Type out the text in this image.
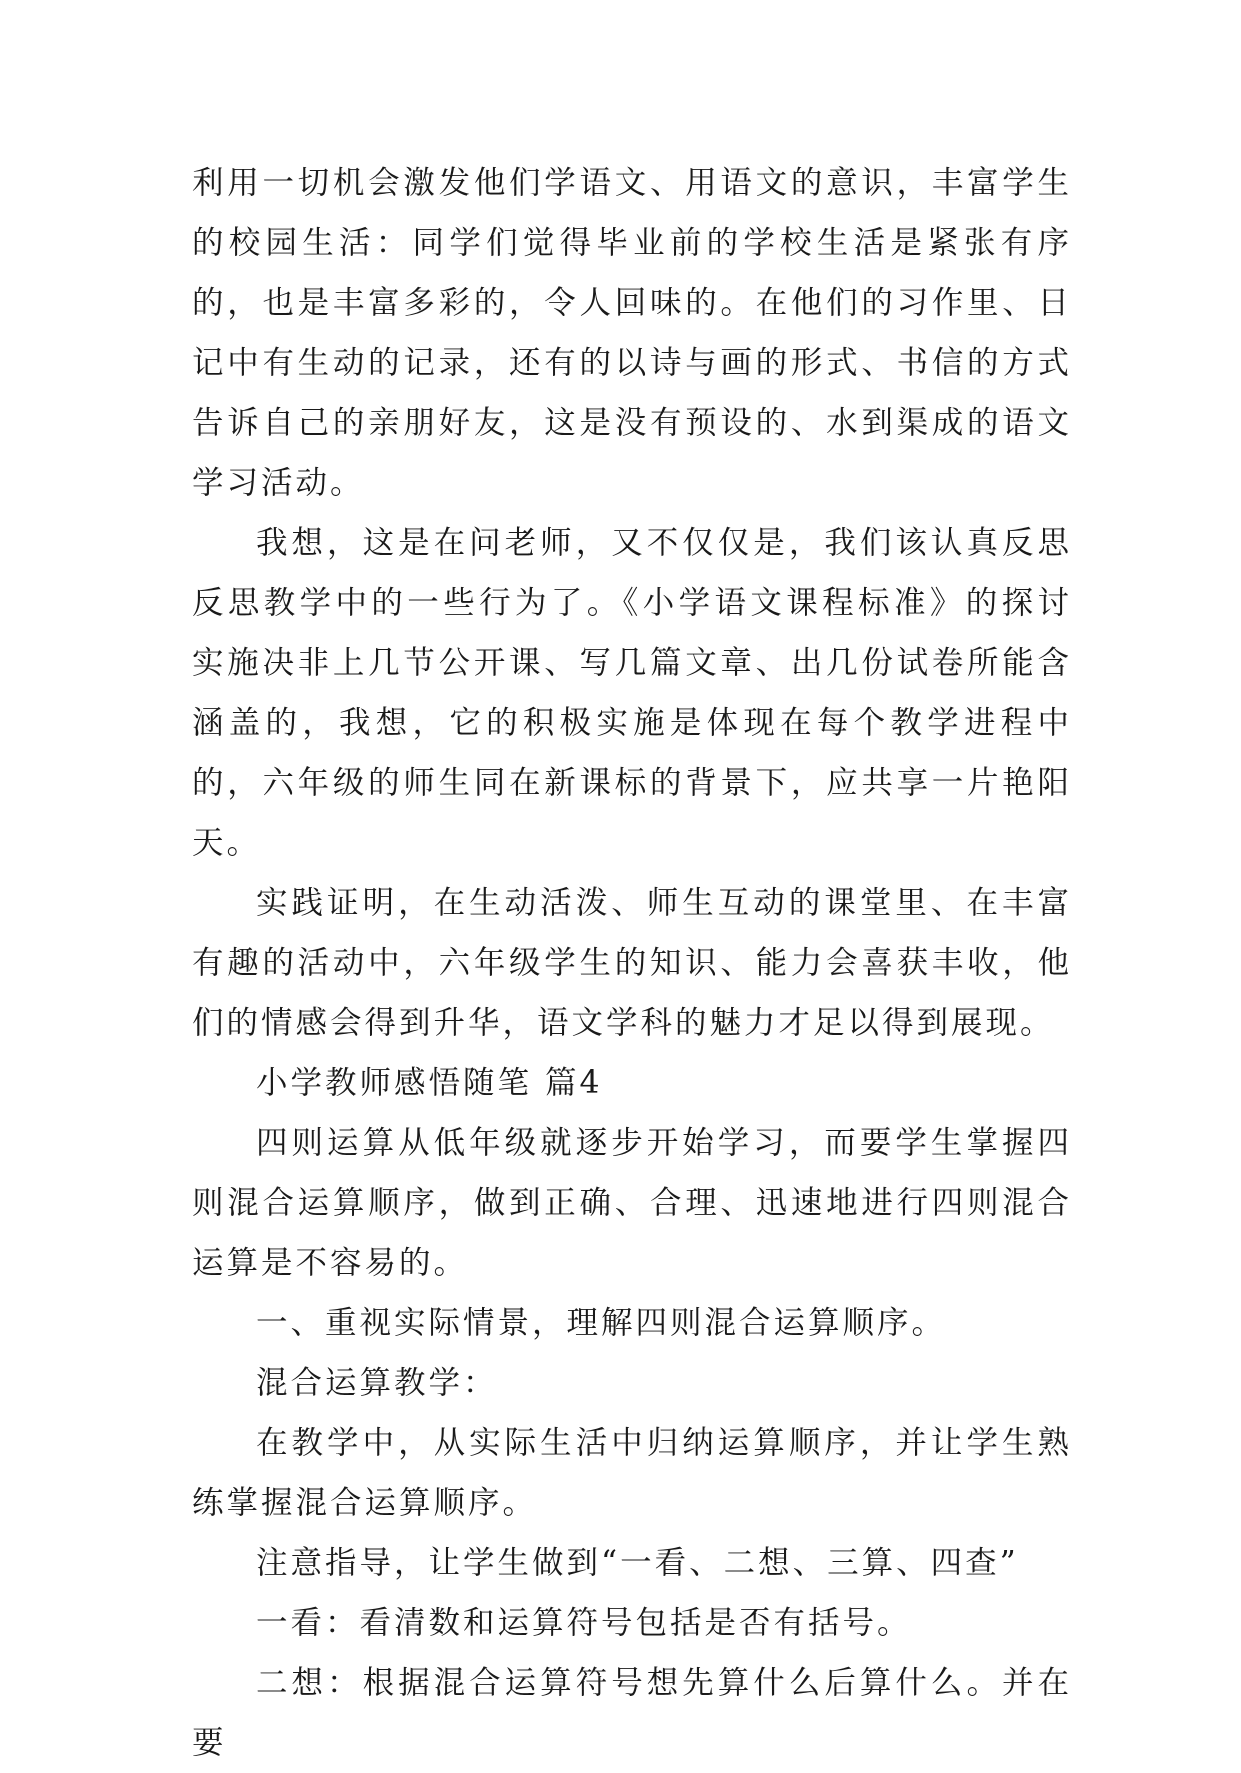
利用一切机会激发他们学语文、用语文的意识，丰富学生的校园生活：同学们觉得毕业前的学校生活是紧张有序的，也是丰富多彩的，令人回味的。在他们的习作里、日记中有生动的记录，还有的以诗与画的形式、书信的方式告诉自己的亲朋好友，这是没有预设的、水到渠成的语文学习活动。

我想，这是在问老师，又不仅仅是，我们该认真反思反思教学中的一些行为了。《小学语文课程标准》的探讨实施决非上几节公开课、写几篇文章、出几份试卷所能含涵盖的，我想，它的积极实施是体现在每个教学进程中的，六年级的师生同在新课标的背景下，应共享一片艳阳天。

实践证明，在生动活泼、师生互动的课堂里、在丰富有趣的活动中，六年级学生的知识、能力会喜获丰收，他们的情感会得到升华，语文学科的魅力才足以得到展现。

小学教师感悟随笔 篇4

四则运算从低年级就逐步开始学习，而要学生掌握四则混合运算顺序，做到正确、合理、迅速地进行四则混合运算是不容易的。

一、重视实际情景，理解四则混合运算顺序。

混合运算教学：

在教学中，从实际生活中归纳运算顺序，并让学生熟练掌握混合运算顺序。

注意指导，让学生做到“一看、二想、三算、四查”

一看：看清数和运算符号包括是否有括号。

二想：根据混合运算符号想先算什么后算什么。并在要
